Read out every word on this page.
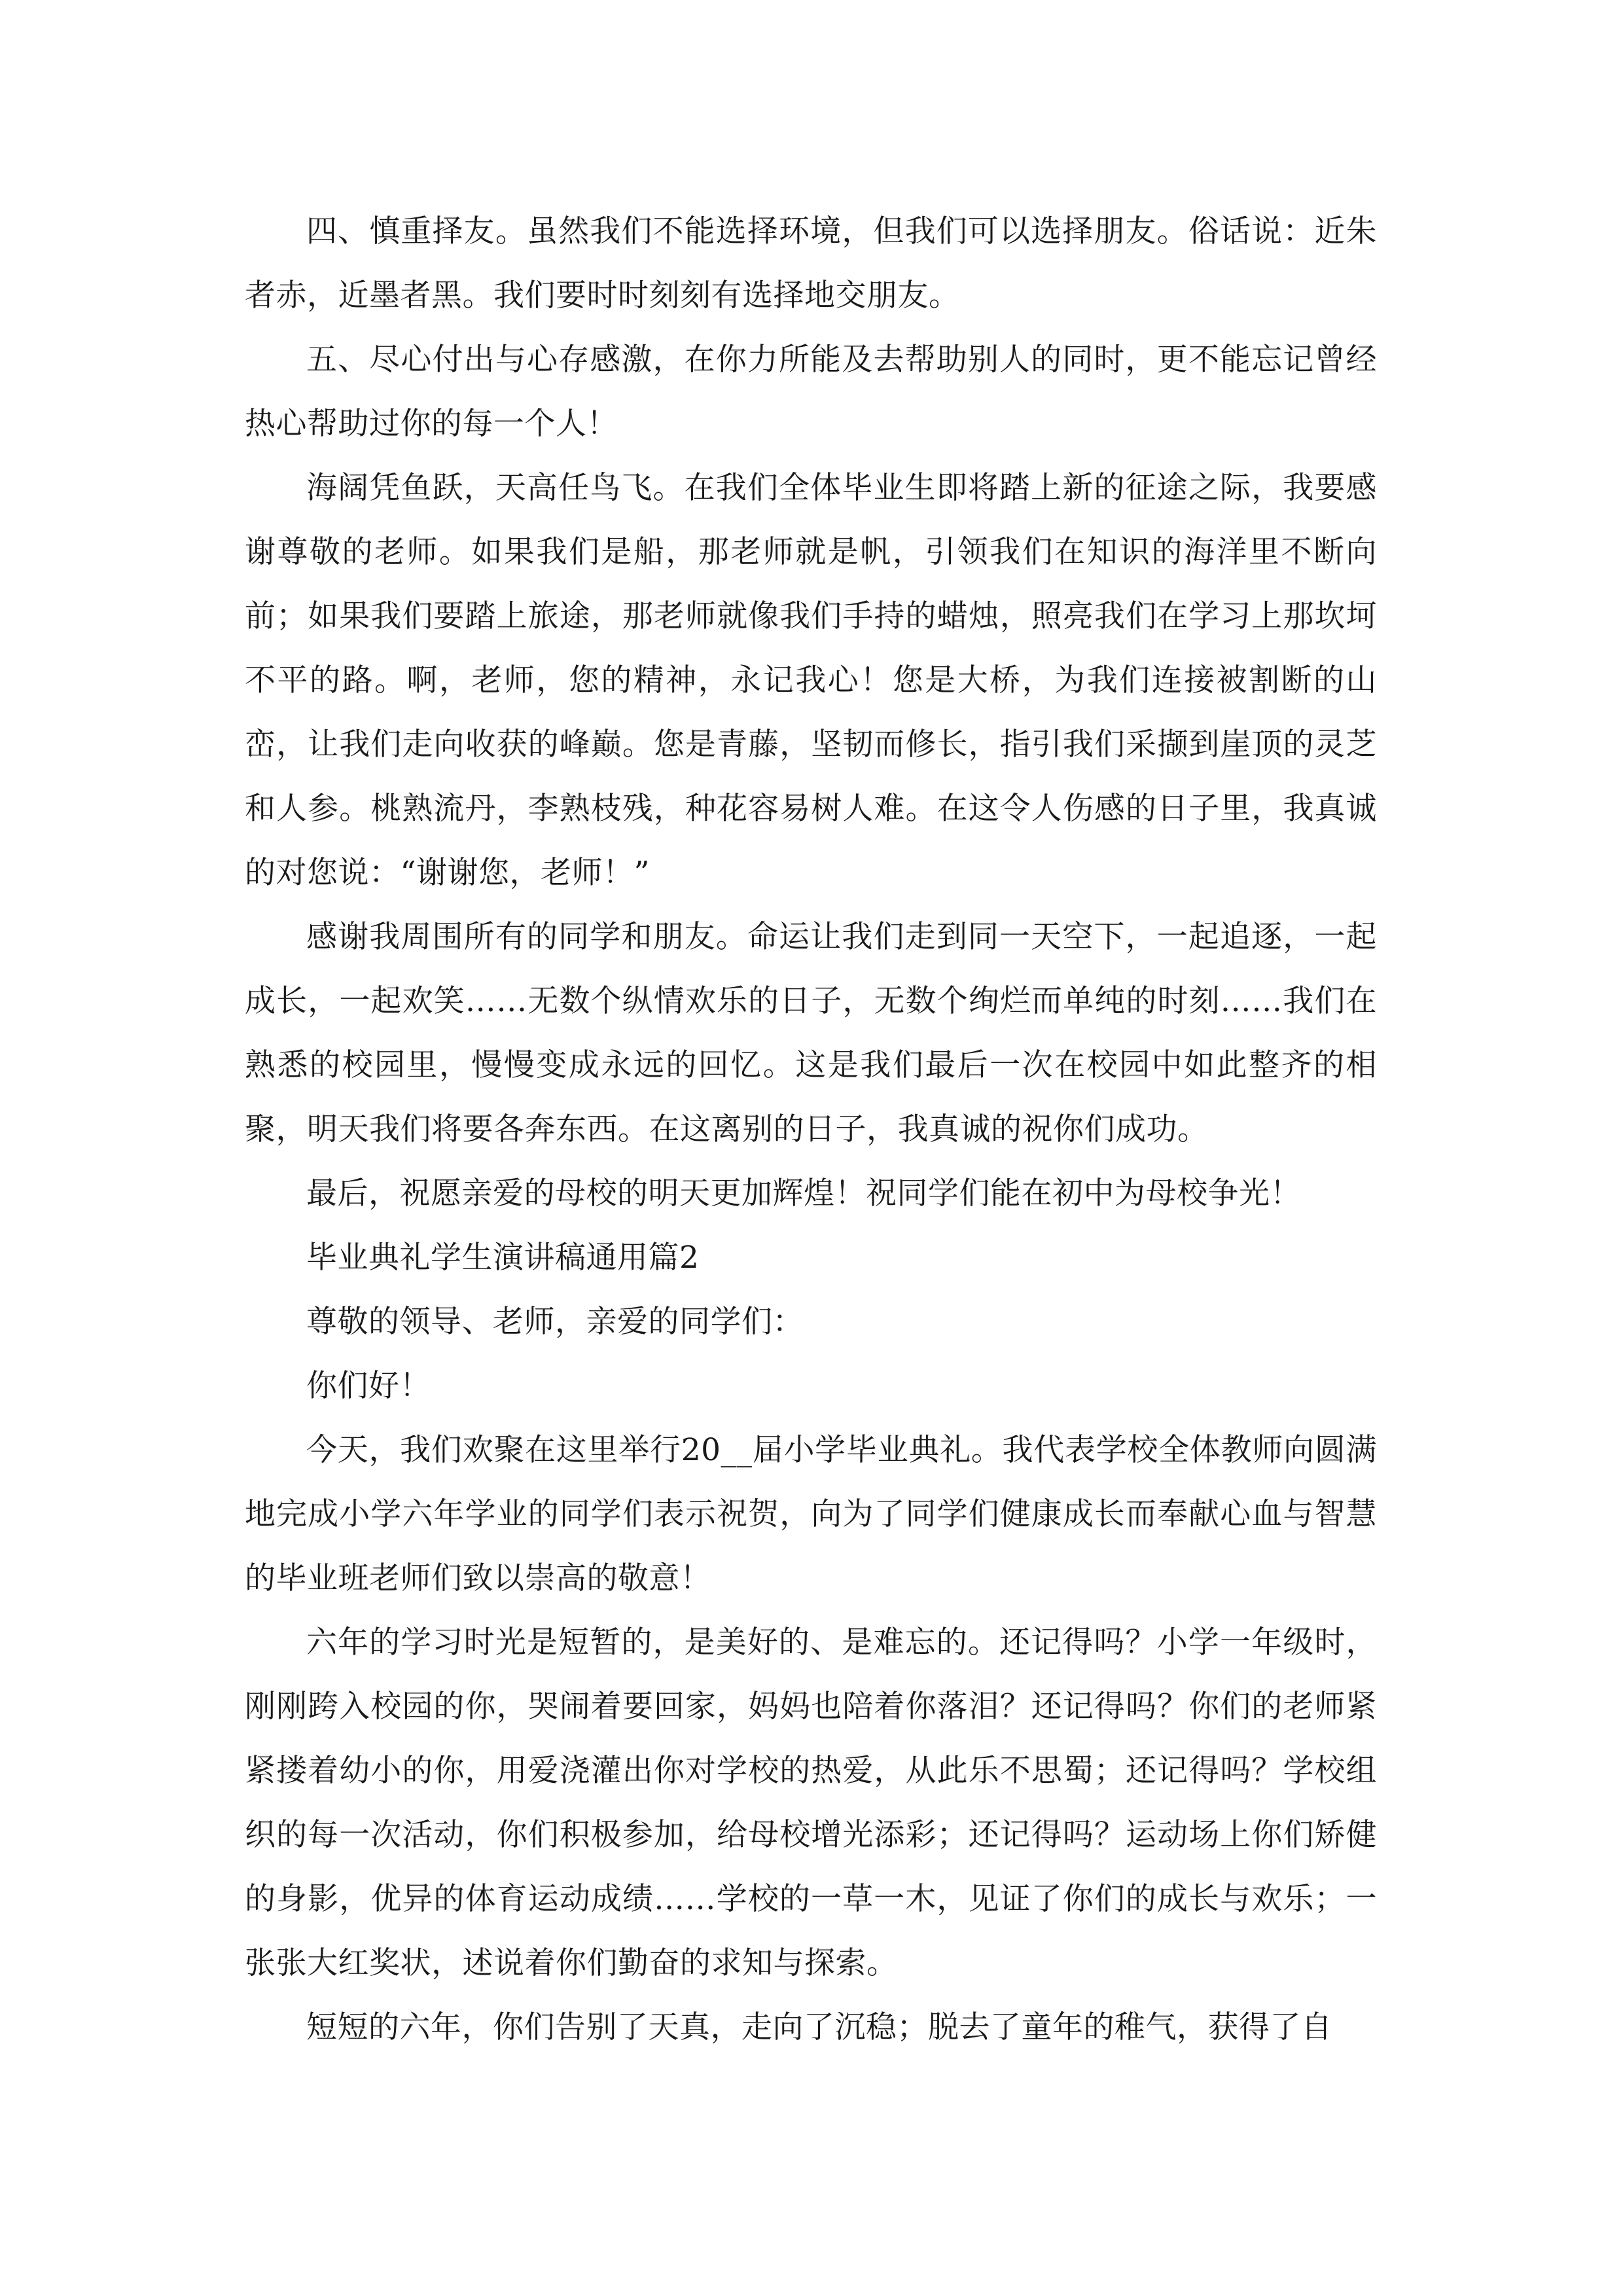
四、慎重择友。虽然我们不能选择环境，但我们可以选择朋友。俗话说：近朱者赤，近墨者黑。我们要时时刻刻有选择地交朋友。

五、尽心付出与心存感激，在你力所能及去帮助别人的同时，更不能忘记曾经热心帮助过你的每一个人！

海阔凭鱼跃，天高任鸟飞。在我们全体毕业生即将踏上新的征途之际，我要感谢尊敬的老师。如果我们是船，那老师就是帆，引领我们在知识的海洋里不断向前；如果我们要踏上旅途，那老师就像我们手持的蜡烛，照亮我们在学习上那坎坷不平的路。啊，老师，您的精神，永记我心！您是大桥，为我们连接被割断的山峦，让我们走向收获的峰巅。您是青藤，坚韧而修长，指引我们采撷到崖顶的灵芝和人参。桃熟流丹，李熟枝残，种花容易树人难。在这令人伤感的日子里，我真诚的对您说：“谢谢您，老师！”

感谢我周围所有的同学和朋友。命运让我们走到同一天空下，一起追逐，一起成长，一起欢笑……无数个纵情欢乐的日子，无数个绚烂而单纯的时刻……我们在熟悉的校园里，慢慢变成永远的回忆。这是我们最后一次在校园中如此整齐的相聚，明天我们将要各奔东西。在这离别的日子，我真诚的祝你们成功。

最后，祝愿亲爱的母校的明天更加辉煌！祝同学们能在初中为母校争光！

毕业典礼学生演讲稿通用篇2

尊敬的领导、老师，亲爱的同学们：

你们好！

今天，我们欢聚在这里举行20__届小学毕业典礼。我代表学校全体教师向圆满地完成小学六年学业的同学们表示祝贺，向为了同学们健康成长而奉献心血与智慧的毕业班老师们致以崇高的敬意！

六年的学习时光是短暂的，是美好的、是难忘的。还记得吗？小学一年级时，刚刚跨入校园的你，哭闹着要回家，妈妈也陪着你落泪？还记得吗？你们的老师紧紧搂着幼小的你，用爱浇灌出你对学校的热爱，从此乐不思蜀；还记得吗？学校组织的每一次活动，你们积极参加，给母校增光添彩；还记得吗？运动场上你们矫健的身影，优异的体育运动成绩……学校的一草一木，见证了你们的成长与欢乐；一张张大红奖状，述说着你们勤奋的求知与探索。

短短的六年，你们告别了天真，走向了沉稳；脱去了童年的稚气，获得了自
